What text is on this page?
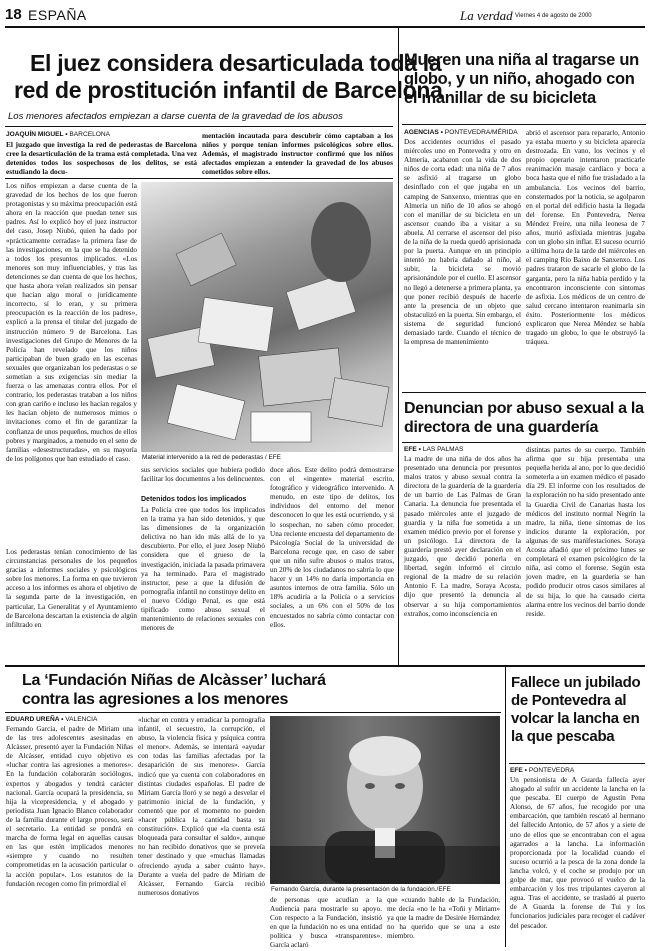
18 ESPAÑA	La verdad Viernes 4 de agosto de 2000
El juez considera desarticulada toda la
red de prostitución infantil de Barcelona
Los menores afectados empiezan a darse cuenta de la gravedad de los abusos
JOAQUÍN MIGUEL • BARCELONA
El juzgado que investiga la red de pederastas de Barcelona cree la desarticulación de la trama está completada. Una vez detenidos todos los sospechosos de los delitos, se está estudiando la docu-
mentación incautada para descubrir cómo captaban a los niños y porque tenían informes psicológicos sobre ellos. Además, el magistrado instructor confirmó que los niños afectados empiezan a entender la gravedad de los abusos cometidos sobre ellos.
Los niños empiezan a darse cuenta de la gravedad de los hechos de los que fueron protagonistas y su máxima preocupación está ahora en la reacción que puedan tener sus padres. Así lo explicó hoy el juez instructor del caso, Josep Niubó, quien ha dado por «prácticamente cerradas» la primera fase de las investigaciones, en la que se ha detenido a todos los presuntos implicados. «Los menores son muy influenciables, y tras las detenciones se dan cuenta de que los hechos, que hasta ahora veían realizados sin pensar que hacían algo moral o jurídicamente incorrecto, sí lo eran, y su primera preocupación es la reacción de los padres», explicó a la prensa el titular del juzgado de instrucción número 9 de Barcelona. Las investigaciones del Grupo de Menores de la Policía han revelado que los niños participaban de buen grado en las escenas sexuales que organizaban los pederastas o se sometían a sus exigencias sin mediar la fuerza o las amenazas contra ellos. Por el contrario, los pederastas trataban a los niños con gran cariño e incluso les hacían regalos y les hacían objeto de numerosos mimos o invitaciones como el fin de garantizar la confianza de unos pequeños, muchos de ellos pobres y marginados, a menudo en el seno de familias «desestructuradas», en su mayoría de los polígonos que han estudiado el caso.
Los pederastas tenían conocimiento de las circunstancias personales de los pequeños gracias a informes sociales y psicológicos sobre los menores. La forma en que tuvieron acceso a los informes es ahora el objetivo de la segunda parte de la investigación, en particular, La Generalitat y el Ayuntamiento de Barcelona descartan la existencia de algún infiltrado en
Material intervenido a la red de pederastas / EFE
sus servicios sociales que hubiera podido facilitar los documentos a los delincuentes.
Detenidos todos los implicados
La Policía cree que todos los implicados en la trama ya han sido detenidos, y que las dimensiones de la organización delictiva no han ido más allá de lo ya descubierto. Por ello, el juez Josep Niubó considera que el grueso de la investigación, iniciada la pasada primavera ya ha terminado. Para el magistrado instructor, pese a que la difusión de pornografía infantil no constituye delito en el nuevo Código Penal, es que está tipificado como abuso sexual el mantenimiento de relaciones sexuales con menores de
doce años. Este delito podrá demostrarse con el «ingente» material escrito, fotográfico y videográfico intervenido. A menudo, en este tipo de delitos, los individuos del entorno del menor desconocen lo que les está ocurriendo, y si lo sospechan, no saben cómo proceder. Una reciente encuesta del departamento de Psicología Social de la universidad de Barcelona recoge que, en caso de saber que un niño sufre abusos o malos tratos, un 20% de los ciudadanos no sabría lo que hacer y un 14% no daría importancia en asuntos internos de otra familia. Sólo un 18% acudiría a la Policía o a servicios sociales, a un 6% con el 50% de los encuestados no sabría cómo contactar con ellos.
Mueren una niña al tragarse un globo, y un niño, ahogado con el manillar de su bicicleta
AGENCIAS • PONTEVEDRA/MÉRIDA
Dos accidentes ocurridos el pasado miércoles uno en Pontevedra y otro en Almería, acabaron con la vida de dos niños de corta edad: una niña de 7 años se asfixió al tragarse un globo desinflado con el que jugaba en un camping de Sanxenxo, mientras que en Almería un niño de 10 años se ahogó con el manillar de su bicicleta en un ascensor cuando iba a visitar a su abuela. Al cerrarse el ascensor del piso de la niña de la rueda quedó aprisionada por la puerta. Aunque en un principio intentó no habría dañado al niño, al subir, la bicicleta se movió aprisionándole por el cuello. El ascensor no llegó a detenerse a primera planta, ya que poner recibió después de hacerle ante la presencia de un objeto que obstaculizó en la puerta. Sin embargo, el sistema de seguridad funcionó demasiado tarde. Cuando el técnico de la empresa de mantenimiento
abrió el ascensor para repararlo, Antonio ya estaba muerto y su bicicleta aparecía destrozada. En vano, los vecinos y el propio operario intentaron practicarle reanimación masaje cardíaco y boca a boca hasta que el niño fue trasladado a la ambulancia. Los vecinos del barrio, consternados por la noticia, se agolparon en el portal del edificio hasta la llegada del forense. En Pontevedra, Nerea Méndez Freire, una niña leonesa de 7 años, murió asfixiada mientras jugaba con un globo sin inflar. El suceso ocurrió a última hora de la tarde del miércoles en el camping Río Baixo de Sanxenxo. Los padres trataron de sacarle el globo de la garganta, pero la niña había perdido y la encontraron inconsciente con síntomas de asfixia. Los médicos de un centro de salud cercano intentaron reanimarla sin éxito. Posteriormente los médicos explicaron que Nerea Méndez se había tragado un globo, lo que le obstruyó la tráquea.
Denuncian por abuso sexual a la directora de una guardería
EFE • LAS PALMAS
La madre de una niña de dos años ha presentado una denuncia por presuntos malos tratos y abuso sexual contra la directora de la guardería de la guardería de un barrio de Las Palmas de Gran Canaria. La denuncia fue presentada el pasado miércoles ante el juzgado de guardia y la niña fue sometida a un examen médico previo por el forense y un psicólogo. La directora de la guardería prestó ayer declaración en el juzgado, que decidió ponerla en libertad, según informó el círculo regional de la madre de su relación Antonio F. La madre, Soraya Acosta, dijo que presentó la denuncia al observar a su hija comportamientos extraños, como inconsciencia en
distintas partes de su cuerpo. También afirma que su hija presentaba una pequeña herida al ano, por lo que decidió someterla a un examen médico el pasado día 29. El informe con los resultados de la exploración no ha sido presentado ante la Guardia Civil de Canarias hasta los médicos del instituto normal Negrín la madre, la niña, tiene síntomas de los indicios durante la exploración, por algunas de sus manifestaciones. Soraya Acosta añadió que el próximo lunes se completará el examen psicológico de la niña, así como el forense. Según esta joven madre, en la guardería se han podido producir otros casos similares al de su hija, lo que ha causado cierta alarma entre los vecinos del barrio donde reside.
La ‘Fundación Niñas de Alcàsser’ luchará
contra las agresiones a los menores
EDUARD UREÑA • VALENCIA
Fernando García, el padre de Míriam una de las tres adolescentes asesinadas en Alcàsser, presentó ayer la Fundación Niñas de Alcàsser, entidad cuyo objetivo es «luchar contra las agresiones a menores». En la fundación colaborarán sociólogos, expertos y abogados y tendrá carácter nacional. García ocupará la presidencia, su hija la vicepresidencia, y el abogado y periodista Juan Ignacio Blanco colaborador de la familia durante el largo proceso, será el secretario. La entidad se pondrá en marcha de forma legal en aquellas causas en las que estén implicados menores «siempre y cuando no resulten comprometidas en la acusación particular o la acción popular». Los estatutos de la fundación recogen como fin primordial el
«luchar en contra y erradicar la pornografía infantil, el secuestro, la corrupción, el abuso, la violencia física y psíquica contra el menor». Además, se intentará «ayudar con todas las familias afectadas por la desaparición de sus menores». García indicó que ya cuenta con colaboradores en distintas ciudades españolas. El padre de Míriam García lloró y se negó a desvelar el patrimonio inicial de la fundación, y comentó que por el momento no pueden «hacer pública la cantidad basta su constitución». Explicó que «la cuenta está bloqueada para consultar el saldo», aunque no han recibido donativos que se preveía tener destinado y que «muchas llamadas ofreciendo ayuda a saber cuánto hay». Durante a vuela del padre de Míriam de Alcàsser, Fernando García recibió numerosos donativos	Fernando García, durante la presentación de la fundación./EFE
de personas que acudían a la Audiencia para mostrarle su apoyo. Con respecto a la Fundación, insistió en que la fundación no es una entidad política y busca «transparentes». García aclaró
que «cuando hable de la Fundación, me decía «no le ha «Toñi y Míriam» ya que la madre de Desirée Hernández no ha querido que se una a este miembro.
Fallece un jubilado de Pontevedra al volcar la lancha en la que pescaba
EFE • PONTEVEDRA
Un pensionista de A Guarda fallecía ayer ahogado al sufrir un accidente la lancha en la que pescaba. El cuerpo de Agustín Pena Alonso, de 67 años, fue recogido por una embarcación, que también rescató al hermano del fallecido Antonio, de 57 años y a siete de uno de ellos que se encontraban con el agua agarrados a la lancha. La información proporcionada por la localidad cuando el suceso ocurrió a la pesca de la zona donde la lancha volcó, y el coche se produjo por un golpe de mar, que provocó el vuelco de la embarcación y los tres tripulantes cayeron al agua. Tras el accidente, se trasladó al puerto de A Guarda la forense de Tui y los funcionarios judiciales para recoger el cadáver del pescador.
